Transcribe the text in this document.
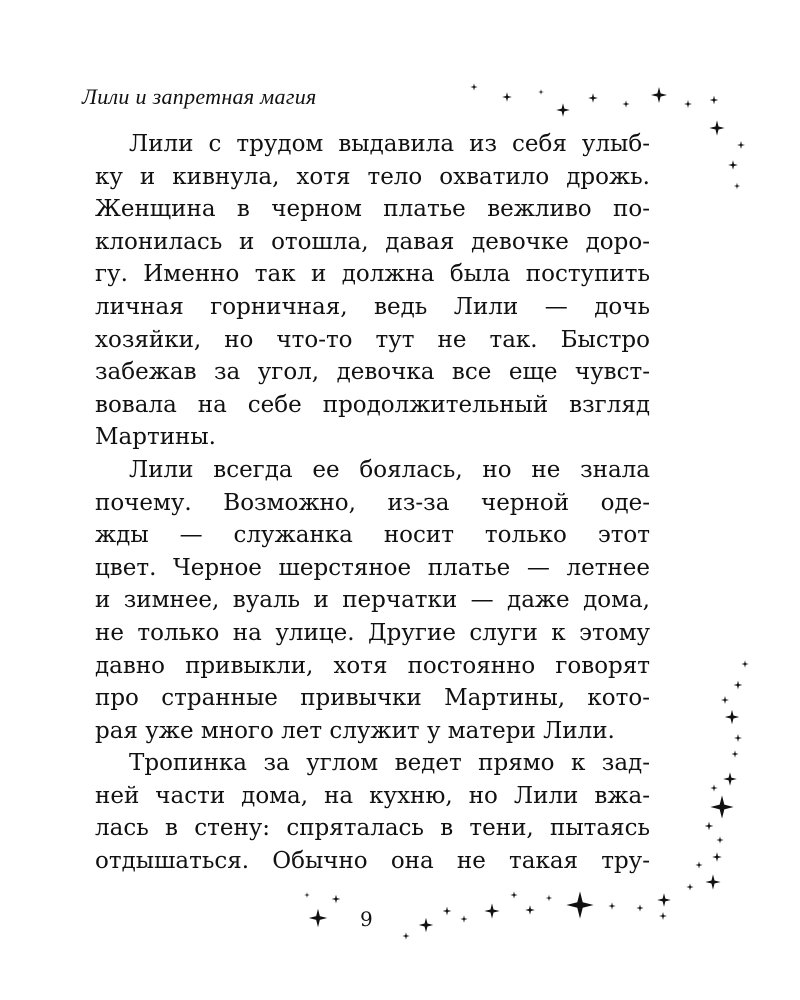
Лили и запретная магия
Лили с трудом выдавила из себя улыб-
ку и кивнула, хотя тело охватило дрожь.
Женщина в черном платье вежливо по-
клонилась и отошла, давая девочке доро-
гу. Именно так и должна была поступить
личная горничная, ведь Лили — дочь
хозяйки, но что-то тут не так. Быстро
забежав за угол, девочка все еще чувст-
вовала на себе продолжительный взгляд
Мартины.
Лили всегда ее боялась, но не знала
почему. Возможно, из-за черной оде-
жды — служанка носит только этот
цвет. Черное шерстяное платье — летнее
и зимнее, вуаль и перчатки — даже дома,
не только на улице. Другие слуги к этому
давно привыкли, хотя постоянно говорят
про странные привычки Мартины, кото-
рая уже много лет служит у матери Лили.
Тропинка за углом ведет прямо к зад-
ней части дома, на кухню, но Лили вжа-
лась в стену: спряталась в тени, пытаясь
отдышаться. Обычно она не такая тру-
9
